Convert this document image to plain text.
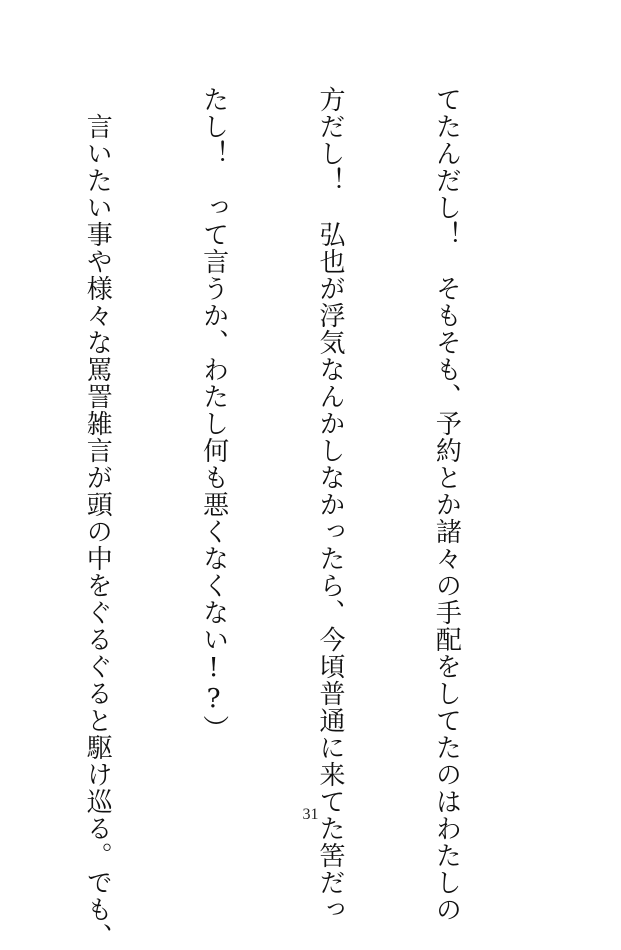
てたんだし！　そもそも、予約とか諸々の手配をしてたのはわたしの

方だし！　弘也が浮気なんかしなかったら、今頃普通に来てた筈だっ

たし！　って言うか、わたし何も悪くなくない!?）

　言いたい事や様々な罵詈雑言が頭の中をぐるぐると駆け巡る。でも、

	31
